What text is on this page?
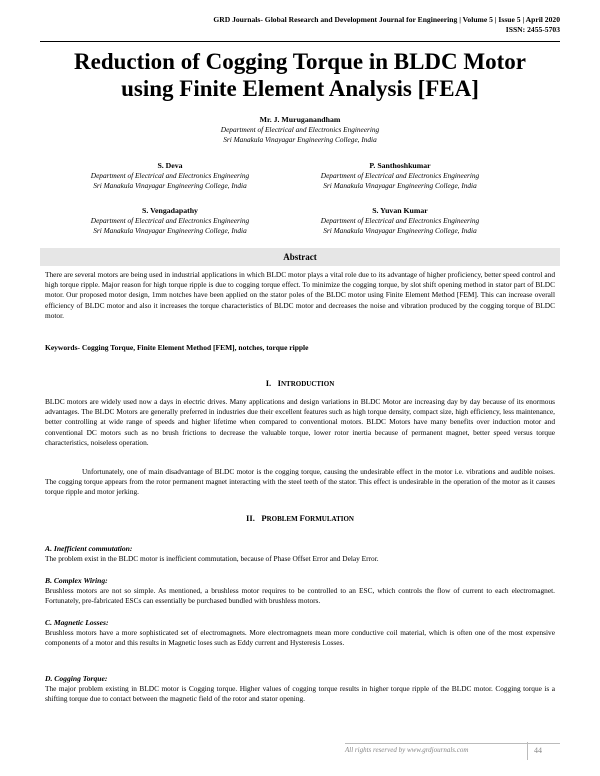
GRD Journals- Global Research and Development Journal for Engineering | Volume 5 | Issue 5 | April 2020
ISSN: 2455-5703
Reduction of Cogging Torque in BLDC Motor
using Finite Element Analysis [FEA]
Mr. J. Muruganandham
Department of Electrical and Electronics Engineering
Sri Manakula Vinayagar Engineering College, India
S. Deva
Department of Electrical and Electronics Engineering
Sri Manakula Vinayagar Engineering College, India
P. Santhoshkumar
Department of Electrical and Electronics Engineering
Sri Manakula Vinayagar Engineering College, India
S. Vengadapathy
Department of Electrical and Electronics Engineering
Sri Manakula Vinayagar Engineering College, India
S. Yuvan Kumar
Department of Electrical and Electronics Engineering
Sri Manakula Vinayagar Engineering College, India
Abstract
There are several motors are being used in industrial applications in which BLDC motor plays a vital role due to its advantage of higher proficiency, better speed control and high torque ripple. Major reason for high torque ripple is due to cogging torque effect. To minimize the cogging torque, by slot shift opening method in stator part of BLDC motor. Our proposed motor design, 1mm notches have been applied on the stator poles of the BLDC motor using Finite Element Method [FEM]. This can increase overall efficiency of BLDC motor and also it increases the torque characteristics of BLDC motor and decreases the noise and vibration produced by the cogging torque of BLDC motor.
Keywords- Cogging Torque, Finite Element Method [FEM], notches, torque ripple
I. INTRODUCTION
BLDC motors are widely used now a days in electric drives. Many applications and design variations in BLDC Motor are increasing day by day because of its enormous advantages. The BLDC Motors are generally preferred in industries due their excellent features such as high torque density, compact size, high efficiency, less maintenance, better controlling at wide range of speeds and higher lifetime when compared to conventional motors. BLDC Motors have many benefits over induction motor and conventional DC motors such as no brush frictions to decrease the valuable torque, lower rotor inertia because of permanent magnet, better speed versus torque characteristics, noiseless operation.
Unfortunately, one of main disadvantage of BLDC motor is the cogging torque, causing the undesirable effect in the motor i.e. vibrations and audible noises. The cogging torque appears from the rotor permanent magnet interacting with the steel teeth of the stator. This effect is undesirable in the operation of the motor as it causes torque ripple and motor jerking.
II. PROBLEM FORMULATION
A. Inefficient commutation:
The problem exist in the BLDC motor is inefficient commutation, because of Phase Offset Error and Delay Error.
B. Complex Wiring:
Brushless motors are not so simple. As mentioned, a brushless motor requires to be controlled to an ESC, which controls the flow of current to each electromagnet. Fortunately, pre-fabricated ESCs can essentially be purchased bundled with brushless motors.
C. Magnetic Losses:
Brushless motors have a more sophisticated set of electromagnets. More electromagnets mean more conductive coil material, which is often one of the most expensive components of a motor and this results in Magnetic loses such as Eddy current and Hysteresis Losses.
D. Cogging Torque:
The major problem existing in BLDC motor is Cogging torque. Higher values of cogging torque results in higher torque ripple of the BLDC motor. Cogging torque is a shifting torque due to contact between the magnetic field of the rotor and stator opening.
All rights reserved by www.grdjournals.com	44
